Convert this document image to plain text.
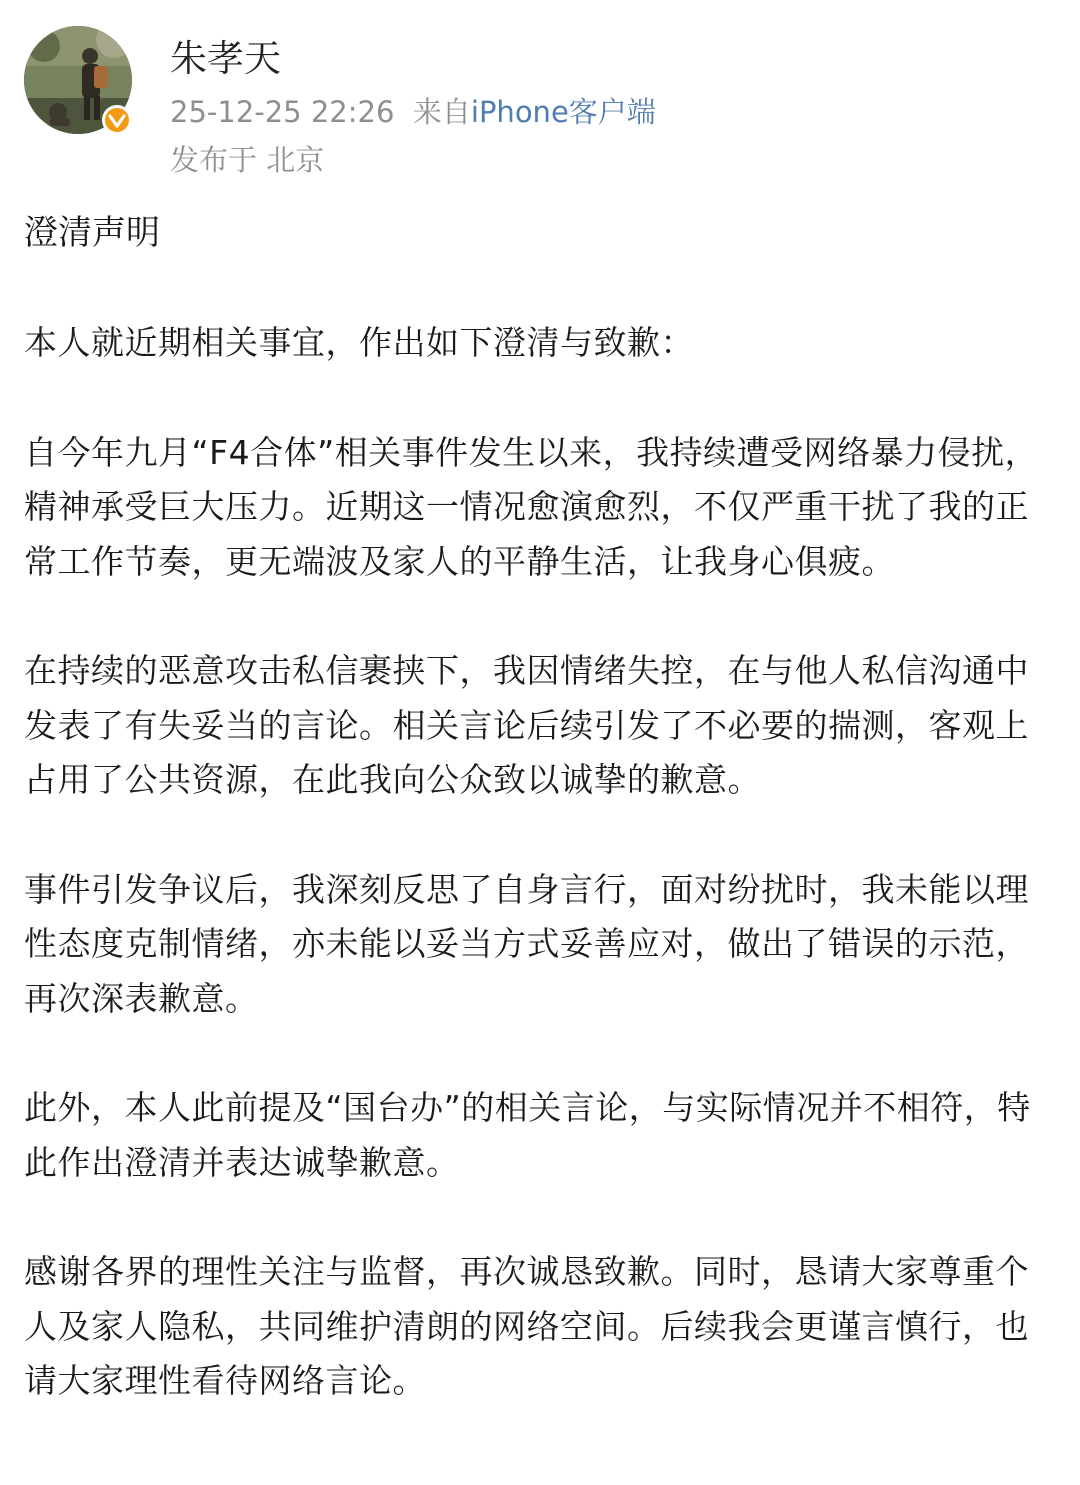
朱孝天
25-12-25 22:26 来自iPhone客户端
发布于 北京

澄清声明

本人就近期相关事宜，作出如下澄清与致歉：

自今年九月“F4合体”相关事件发生以来，我持续遭受网络暴力侵扰，精神承受巨大压力。近期这一情况愈演愈烈，不仅严重干扰了我的正常工作节奏，更无端波及家人的平静生活，让我身心俱疲。

在持续的恶意攻击私信裹挟下，我因情绪失控，在与他人私信沟通中发表了有失妥当的言论。相关言论后续引发了不必要的揣测，客观上占用了公共资源，在此我向公众致以诚挚的歉意。

事件引发争议后，我深刻反思了自身言行，面对纷扰时，我未能以理性态度克制情绪，亦未能以妥当方式妥善应对，做出了错误的示范，再次深表歉意。

此外，本人此前提及“国台办”的相关言论，与实际情况并不相符，特此作出澄清并表达诚挚歉意。

感谢各界的理性关注与监督，再次诚恳致歉。同时，恳请大家尊重个人及家人隐私，共同维护清朗的网络空间。后续我会更谨言慎行，也请大家理性看待网络言论。
